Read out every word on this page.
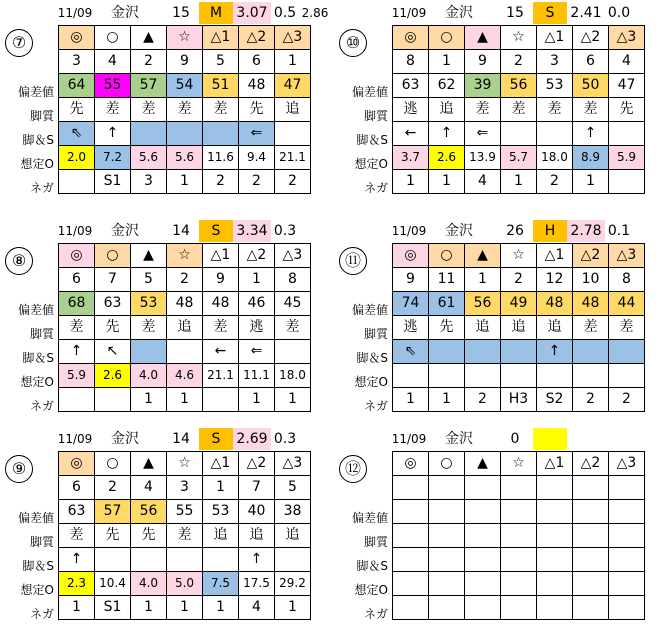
11/09	金沢	15	M	3.07 0.5 2.86
⑦
偏差値
脚質
脚＆S
想定O
ネガ
◎	○	▲	☆	△1	△2	△3
3	4	2	9	5	6	1
64	55	57	54	51	48	47
先	差	差	差	差	先	追
⇖	↑				⇐	
2.0	7.2	5.6	5.6	11.6	9.4	21.1
	S1	3	1	2	2	2
11/09	金沢	15	S	2.41 0.0
⑩
偏差値
脚質
脚＆S
想定O
ネガ
◎	○	▲	☆	△1	△2	△3
8	1	9	2	3	6	4
63	62	39	56	53	50	47
逃	追	差	差	差	差	先
←	↑	⇐			↑	
3.7	2.6	13.9	5.7	18.0	8.9	5.9
1	1	4	1	2	1	
11/09	金沢	14	S	3.34 0.3
⑧
偏差値
脚質
脚＆S
想定O
ネガ
◎	○	▲	☆	△1	△2	△3
6	7	5	2	9	1	8
68	63	53	48	48	46	45
差	先	差	追	差	逃	差
↑	↖			←	⇐	
5.9	2.6	4.0	4.6	21.1	11.1	18.0
		1	1		1	1
11/09	金沢	26	H	2.78 0.1
⑪
偏差値
脚質
脚＆S
想定O
ネガ
◎	○	▲	☆	△1	△2	△3
9	11	1	2	12	10	8
74	61	56	49	48	48	44
逃	先	追	追	追	差	差
⇖				↑		

1	1	2	H3	S2	2	2
11/09	金沢	14	S	2.69 0.3
⑨
偏差値
脚質
脚＆S
想定O
ネガ
◎	○	▲	☆	△1	△2	△3
6	2	4	3	1	7	5
63	57	56	55	53	40	38
差	先	先	差	追	追	追
↑					↑	
2.3	10.4	4.0	5.0	7.5	17.5	29.2
1	S1	1	1	1	4	1
11/09	金沢	0
⑫
偏差値
脚質
脚＆S
想定O
ネガ
◎	○	▲	☆	△1	△2	△3
